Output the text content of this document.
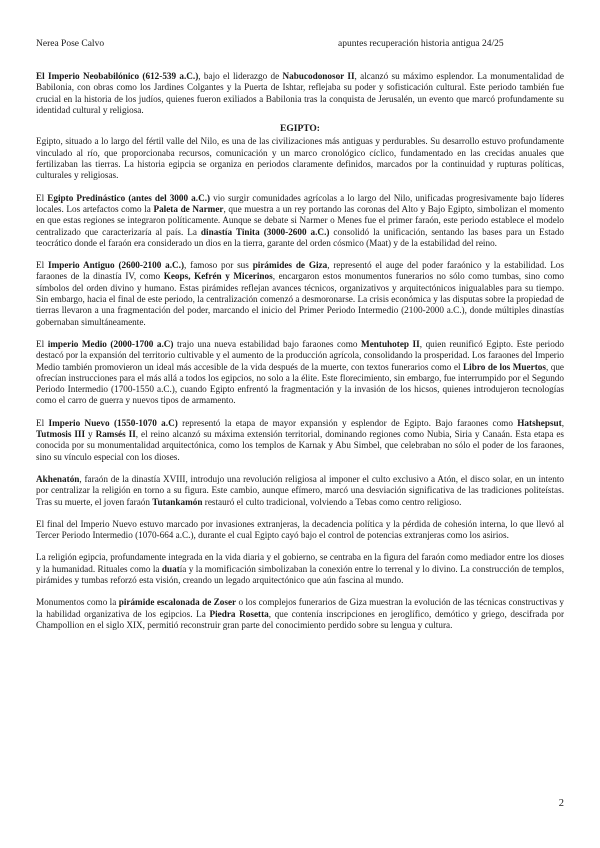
Nerea Pose Calvo	apuntes recuperación historia antigua 24/25

El Imperio Neobabilónico (612-539 a.C.), bajo el liderazgo de Nabucodonosor II, alcanzó su máximo esplendor. La monumentalidad de Babilonia, con obras como los Jardines Colgantes y la Puerta de Ishtar, reflejaba su poder y sofisticación cultural. Este periodo también fue crucial en la historia de los judíos, quienes fueron exiliados a Babilonia tras la conquista de Jerusalén, un evento que marcó profundamente su identidad cultural y religiosa.

EGIPTO:

Egipto, situado a lo largo del fértil valle del Nilo, es una de las civilizaciones más antiguas y perdurables. Su desarrollo estuvo profundamente vinculado al río, que proporcionaba recursos, comunicación y un marco cronológico cíclico, fundamentado en las crecidas anuales que fertilizaban las tierras. La historia egipcia se organiza en periodos claramente definidos, marcados por la continuidad y rupturas políticas, culturales y religiosas.

El Egipto Predinástico (antes del 3000 a.C.) vio surgir comunidades agrícolas a lo largo del Nilo, unificadas progresivamente bajo líderes locales. Los artefactos como la Paleta de Narmer, que muestra a un rey portando las coronas del Alto y Bajo Egipto, simbolizan el momento en que estas regiones se integraron políticamente. Aunque se debate si Narmer o Menes fue el primer faraón, este periodo establece el modelo centralizado que caracterizaría al país. La dinastía Tinita (3000-2600 a.C.) consolidó la unificación, sentando las bases para un Estado teocrático donde el faraón era considerado un dios en la tierra, garante del orden cósmico (Maat) y de la estabilidad del reino.

El Imperio Antiguo (2600-2100 a.C.), famoso por sus pirámides de Giza, representó el auge del poder faraónico y la estabilidad. Los faraones de la dinastía IV, como Keops, Kefrén y Micerinos, encargaron estos monumentos funerarios no sólo como tumbas, sino como símbolos del orden divino y humano. Estas pirámides reflejan avances técnicos, organizativos y arquitectónicos inigualables para su tiempo. Sin embargo, hacia el final de este periodo, la centralización comenzó a desmoronarse. La crisis económica y las disputas sobre la propiedad de tierras llevaron a una fragmentación del poder, marcando el inicio del Primer Periodo Intermedio (2100-2000 a.C.), donde múltiples dinastías gobernaban simultáneamente.

El imperio Medio (2000-1700 a.C) trajo una nueva estabilidad bajo faraones como Mentuhotep II, quien reunificó Egipto. Este periodo destacó por la expansión del territorio cultivable y el aumento de la producción agrícola, consolidando la prosperidad. Los faraones del Imperio Medio también promovieron un ideal más accesible de la vida después de la muerte, con textos funerarios como el Libro de los Muertos, que ofrecían instrucciones para el más allá a todos los egipcios, no solo a la élite. Este florecimiento, sin embargo, fue interrumpido por el Segundo Periodo Intermedio (1700-1550 a.C.), cuando Egipto enfrentó la fragmentación y la invasión de los hicsos, quienes introdujeron tecnologías como el carro de guerra y nuevos tipos de armamento.

El Imperio Nuevo (1550-1070 a.C) representó la etapa de mayor expansión y esplendor de Egipto. Bajo faraones como Hatshepsut, Tutmosis III y Ramsés II, el reino alcanzó su máxima extensión territorial, dominando regiones como Nubia, Siria y Canaán. Esta etapa es conocida por su monumentalidad arquitectónica, como los templos de Karnak y Abu Simbel, que celebraban no sólo el poder de los faraones, sino su vínculo especial con los dioses.

Akhenatón, faraón de la dinastía XVIII, introdujo una revolución religiosa al imponer el culto exclusivo a Atón, el disco solar, en un intento por centralizar la religión en torno a su figura. Este cambio, aunque efímero, marcó una desviación significativa de las tradiciones politeístas. Tras su muerte, el joven faraón Tutankamón restauró el culto tradicional, volviendo a Tebas como centro religioso.

El final del Imperio Nuevo estuvo marcado por invasiones extranjeras, la decadencia política y la pérdida de cohesión interna, lo que llevó al Tercer Periodo Intermedio (1070-664 a.C.), durante el cual Egipto cayó bajo el control de potencias extranjeras como los asirios.

La religión egipcia, profundamente integrada en la vida diaria y el gobierno, se centraba en la figura del faraón como mediador entre los dioses y la humanidad. Rituales como la duatía y la momificación simbolizaban la conexión entre lo terrenal y lo divino. La construcción de templos, pirámides y tumbas reforzó esta visión, creando un legado arquitectónico que aún fascina al mundo.

Monumentos como la pirámide escalonada de Zoser o los complejos funerarios de Giza muestran la evolución de las técnicas constructivas y la habilidad organizativa de los egipcios. La Piedra Rosetta, que contenía inscripciones en jeroglífico, demótico y griego, descifrada por Champollion en el siglo XIX, permitió reconstruir gran parte del conocimiento perdido sobre su lengua y cultura.

2
